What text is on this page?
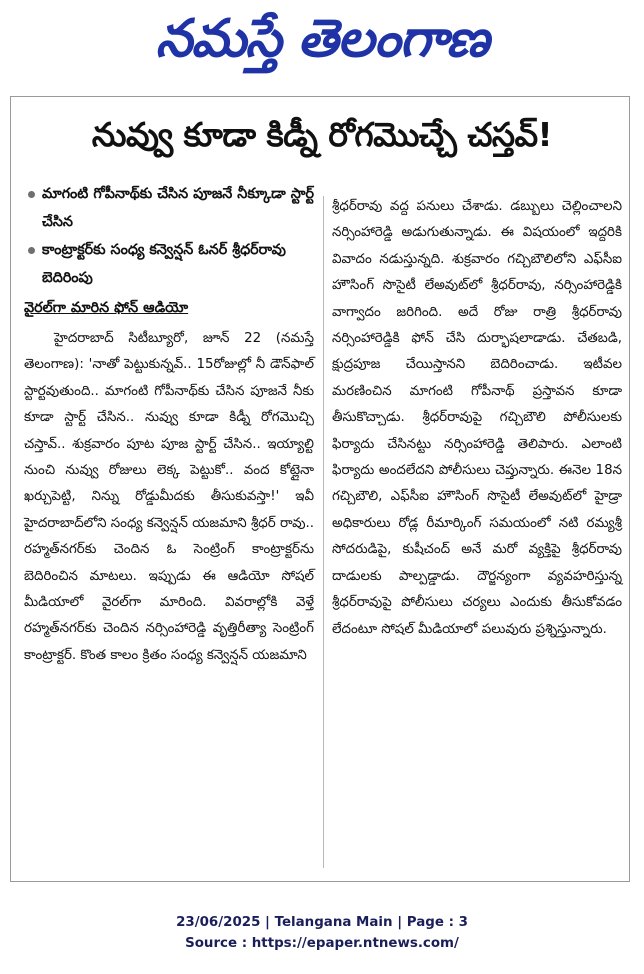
నమస్తే తెలంగాణ
నువ్వు కూడా కిడ్నీ రోగమొచ్చే చస్తవ్!
మాగంటి గోపీనాథ్‌కు చేసిన పూజనే నీక్కూడా స్టార్ట్ చేసిన
కాంట్రాక్టర్‌కు సంధ్య కన్వెన్షన్ ఓనర్ శ్రీధర్‌రావు బెదిరింపు
వైరల్‌గా మారిన ఫోన్ ఆడియో

హైదరాబాద్ సిటీబ్యూరో, జూన్ 22 (నమస్తే తెలంగాణ): 'నాతో పెట్టుకున్నవ్.. 15రోజుల్లో నీ డౌన్‌ఫాల్ స్టార్టవుతుంది.. మాగంటి గోపీనాథ్‌కు చేసిన పూజనే నీకు కూడా స్టార్ట్ చేసిన.. నువ్వు కూడా కిడ్నీ రోగమొచ్చి చస్తావ్.. శుక్రవారం పూట పూజ స్టార్ట్ చేసిన.. ఇయ్యాల్టి నుంచి నువ్వు రోజులు లెక్క పెట్టుకో.. వంద కోట్లైనా ఖర్చుపెట్టి, నిన్ను రోడ్డుమీదకు తీసుకువస్తా!' ఇవీ హైదరాబాద్‌లోని సంధ్య కన్వెన్షన్ యజమాని శ్రీధర్ రావు.. రహ్మత్‌నగర్‌కు చెందిన ఓ సెంట్రింగ్ కాంట్రాక్టర్‌ను బెదిరించిన మాటలు. ఇప్పుడు ఈ ఆడియో సోషల్ మీడియాలో వైరల్‌గా మారింది. వివరాల్లోకి వెళ్తే రహ్మత్‌నగర్‌కు చెందిన నర్సింహారెడ్డి వృత్తిరీత్యా సెంట్రింగ్ కాంట్రాక్టర్. కొంత కాలం క్రితం సంధ్య కన్వెన్షన్ యజమాని

శ్రీధర్‌రావు వద్ద పనులు చేశాడు. డబ్బులు చెల్లించాలని నర్సింహారెడ్డి అడుగుతున్నాడు. ఈ విషయంలో ఇద్దరికి వివాదం నడుస్తున్నది. శుక్రవారం గచ్చిబౌలిలోని ఎఫ్‌సీఐ హౌసింగ్ సొసైటీ లేఅవుట్‌లో శ్రీధర్‌రావు, నర్సింహారెడ్డికి వాగ్వాదం జరిగింది. అదే రోజు రాత్రి శ్రీధర్‌రావు నర్సింహారెడ్డికి ఫోన్ చేసి దుర్భాషలాడాడు. చేతబడి, క్షుద్రపూజ చేయిస్తానని బెదిరించాడు. ఇటీవల మరణించిన మాగంటి గోపీనాథ్ ప్రస్తావన కూడా తీసుకొచ్చాడు. శ్రీధర్‌రావుపై గచ్చిబౌలి పోలీసులకు ఫిర్యాదు చేసినట్టు నర్సింహారెడ్డి తెలిపారు. ఎలాంటి ఫిర్యాదు అందలేదని పోలీసులు చెప్తున్నారు. ఈనెల 18న గచ్చిబౌలి, ఎఫ్‌సీఐ హౌసింగ్ సొసైటీ లేఅవుట్‌లో హైడ్రా అధికారులు రోడ్ల రీమార్కింగ్ సమయంలో నటి రమ్యశ్రీ సోదరుడిపై, కుషీచంద్ అనే మరో వ్యక్తిపై శ్రీధర్‌రావు దాడులకు పాల్పడ్డాడు. దౌర్జన్యంగా వ్యవహరిస్తున్న శ్రీధర్‌రావుపై పోలీసులు చర్యలు ఎందుకు తీసుకోవడం లేదంటూ సోషల్ మీడియాలో పలువురు ప్రశ్నిస్తున్నారు.

23/06/2025 | Telangana Main | Page : 3
Source : https://epaper.ntnews.com/
